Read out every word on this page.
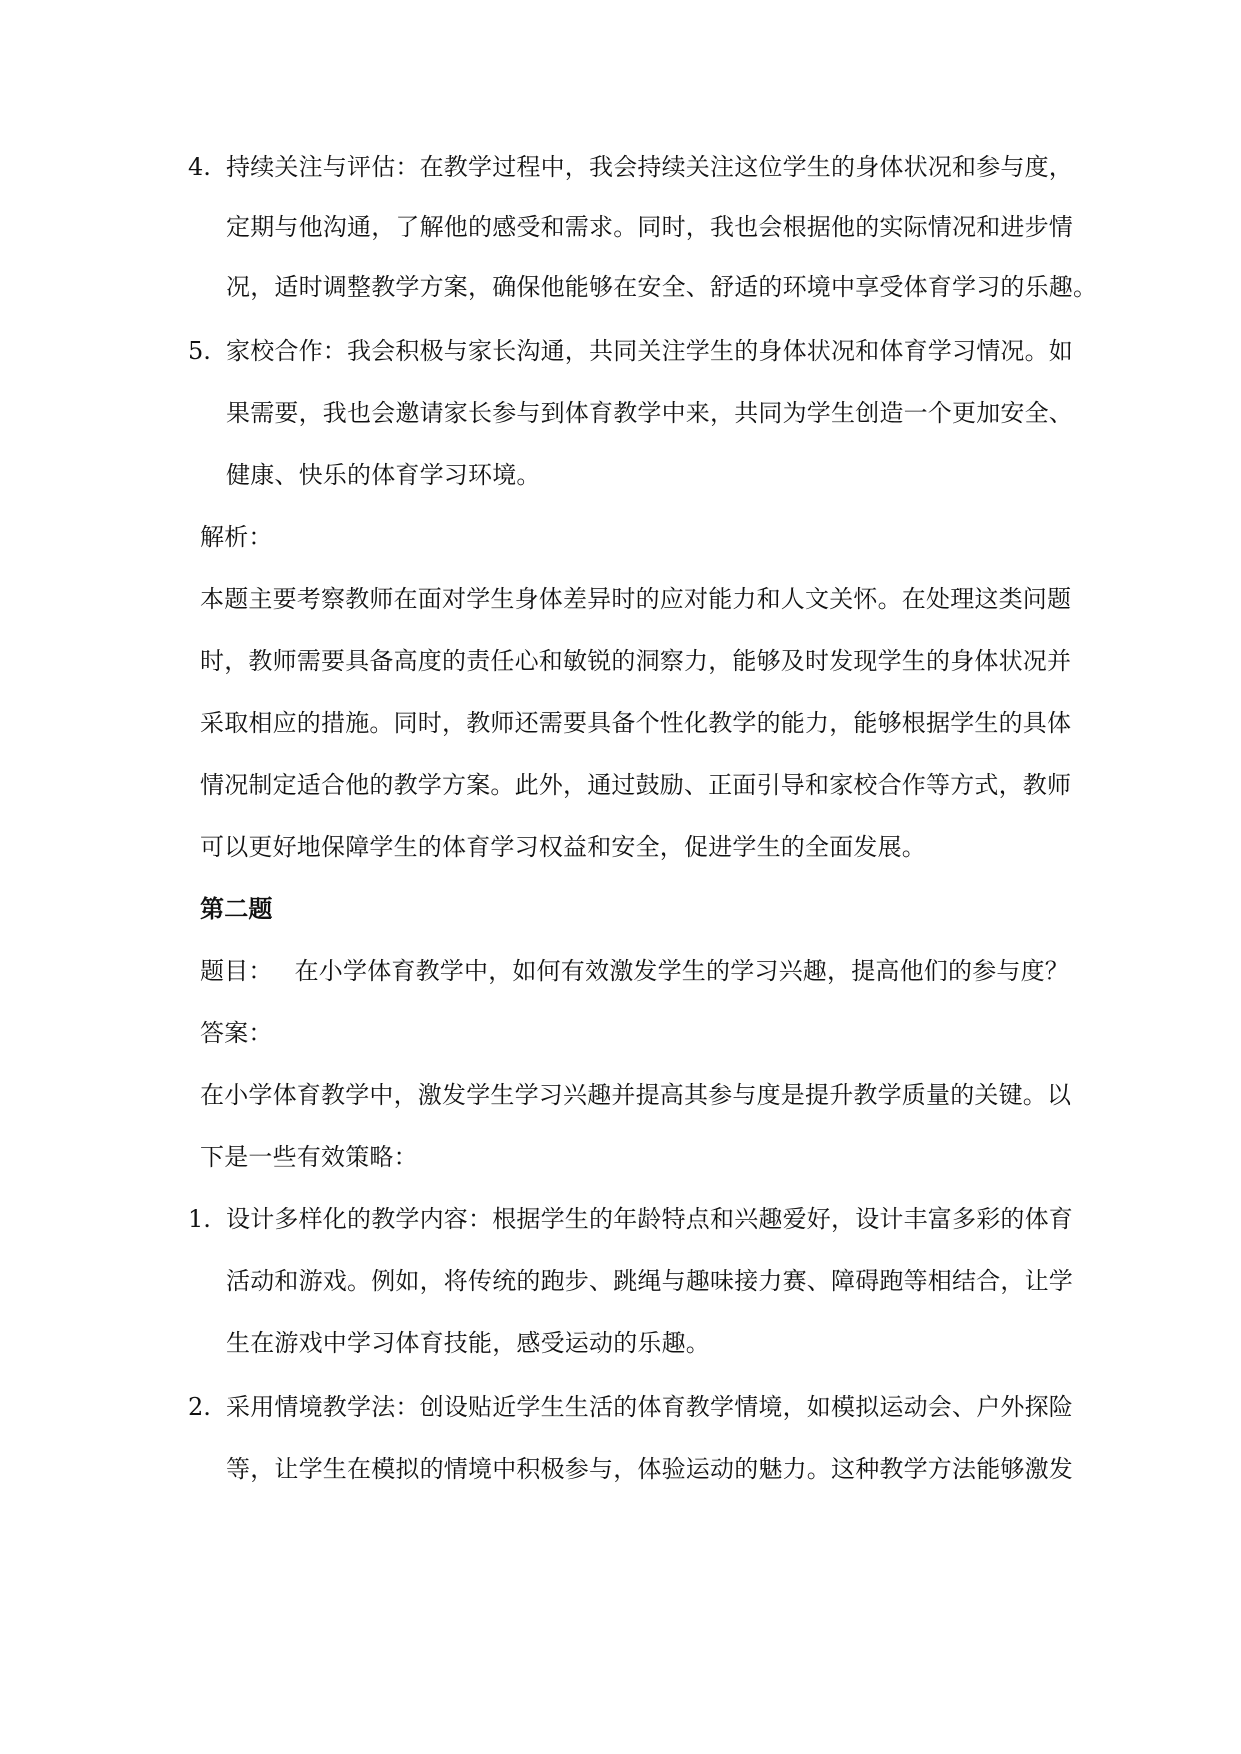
4. 持续关注与评估：在教学过程中，我会持续关注这位学生的身体状况和参与度，
定期与他沟通，了解他的感受和需求。同时，我也会根据他的实际情况和进步情
况，适时调整教学方案，确保他能够在安全、舒适的环境中享受体育学习的乐趣。
5. 家校合作：我会积极与家长沟通，共同关注学生的身体状况和体育学习情况。如
果需要，我也会邀请家长参与到体育教学中来，共同为学生创造一个更加安全、
健康、快乐的体育学习环境。
解析：
本题主要考察教师在面对学生身体差异时的应对能力和人文关怀。在处理这类问题
时，教师需要具备高度的责任心和敏锐的洞察力，能够及时发现学生的身体状况并
采取相应的措施。同时，教师还需要具备个性化教学的能力，能够根据学生的具体
情况制定适合他的教学方案。此外，通过鼓励、正面引导和家校合作等方式，教师
可以更好地保障学生的体育学习权益和安全，促进学生的全面发展。
第二题
题目： 在小学体育教学中，如何有效激发学生的学习兴趣，提高他们的参与度？
答案：
在小学体育教学中，激发学生学习兴趣并提高其参与度是提升教学质量的关键。以
下是一些有效策略：
1. 设计多样化的教学内容：根据学生的年龄特点和兴趣爱好，设计丰富多彩的体育
活动和游戏。例如，将传统的跑步、跳绳与趣味接力赛、障碍跑等相结合，让学
生在游戏中学习体育技能，感受运动的乐趣。
2. 采用情境教学法：创设贴近学生生活的体育教学情境，如模拟运动会、户外探险
等，让学生在模拟的情境中积极参与，体验运动的魅力。这种教学方法能够激发
